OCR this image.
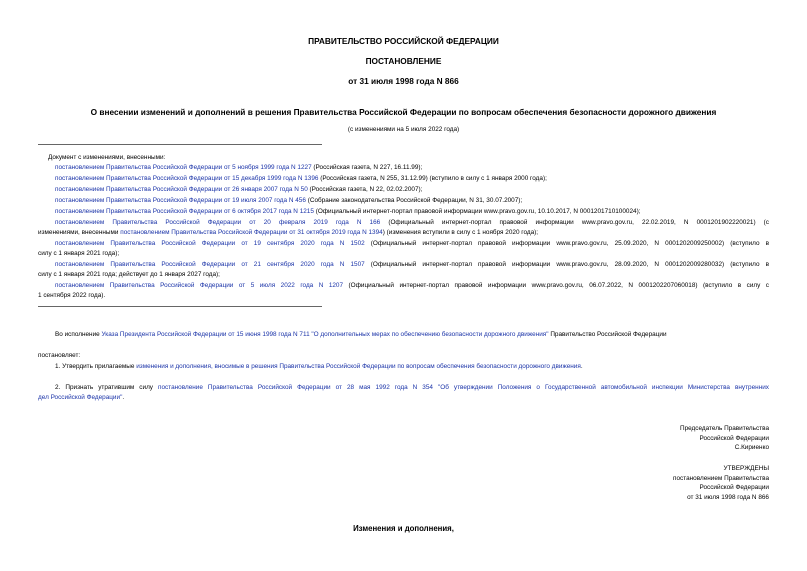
ПРАВИТЕЛЬСТВО РОССИЙСКОЙ ФЕДЕРАЦИИ
ПОСТАНОВЛЕНИЕ
от 31 июля 1998 года N 866
О внесении изменений и дополнений в решения Правительства Российской Федерации по вопросам обеспечения безопасности дорожного движения
(с изменениями на 5 июля 2022 года)
Документ с изменениями, внесенными:
постановлением Правительства Российской Федерации от 5 ноября 1999 года N 1227 (Российская газета, N 227, 16.11.99);
постановлением Правительства Российской Федерации от 15 декабря 1999 года N 1396 (Российская газета, N 255, 31.12.99) (вступило в силу с 1 января 2000 года);
постановлением Правительства Российской Федерации от 26 января 2007 года N 50 (Российская газета, N 22, 02.02.2007);
постановлением Правительства Российской Федерации от 19 июля 2007 года N 456 (Собрание законодательства Российской Федерации, N 31, 30.07.2007);
постановлением Правительства Российской Федерации от 6 октября 2017 года N 1215 (Официальный интернет-портал правовой информации www.pravo.gov.ru, 10.10.2017, N 0001201710100024);
постановлением Правительства Российской Федерации от 20 февраля 2019 года N 166 (Официальный интернет-портал правовой информации www.pravo.gov.ru, 22.02.2019, N 0001201902220021) (с
изменениями, внесенными постановлением Правительства Российской Федерации от 31 октября 2019 года N 1394) (изменения вступили в силу с 1 ноября 2020 года);
постановлением Правительства Российской Федерации от 19 сентября 2020 года N 1502 (Официальный интернет-портал правовой информации www.pravo.gov.ru, 25.09.2020, N 0001202009250002) (вступило в
силу с 1 января 2021 года);
постановлением Правительства Российской Федерации от 21 сентября 2020 года N 1507 (Официальный интернет-портал правовой информации www.pravo.gov.ru, 28.09.2020, N 0001202009280032) (вступило в
силу с 1 января 2021 года; действует до 1 января 2027 года);
постановлением Правительства Российской Федерации от 5 июля 2022 года N 1207 (Официальный интернет-портал правовой информации www.pravo.gov.ru, 06.07.2022, N 0001202207060018) (вступило в силу с
1 сентября 2022 года).
Во исполнение Указа Президента Российской Федерации от 15 июня 1998 года N 711 "О дополнительных мерах по обеспечению безопасности дорожного движения" Правительство Российской Федерации
постановляет:
1. Утвердить прилагаемые изменения и дополнения, вносимые в решения Правительства Российской Федерации по вопросам обеспечения безопасности дорожного движения.
2. Признать утратившим силу постановление Правительства Российской Федерации от 28 мая 1992 года N 354 "Об утверждении Положения о Государственной автомобильной инспекции Министерства внутренних
дел Российской Федерации".
Председатель Правительства
Российской Федерации
С.Кириенко
УТВЕРЖДЕНЫ
постановлением Правительства
Российской Федерации
от 31 июля 1998 года N 866
Изменения и дополнения,
